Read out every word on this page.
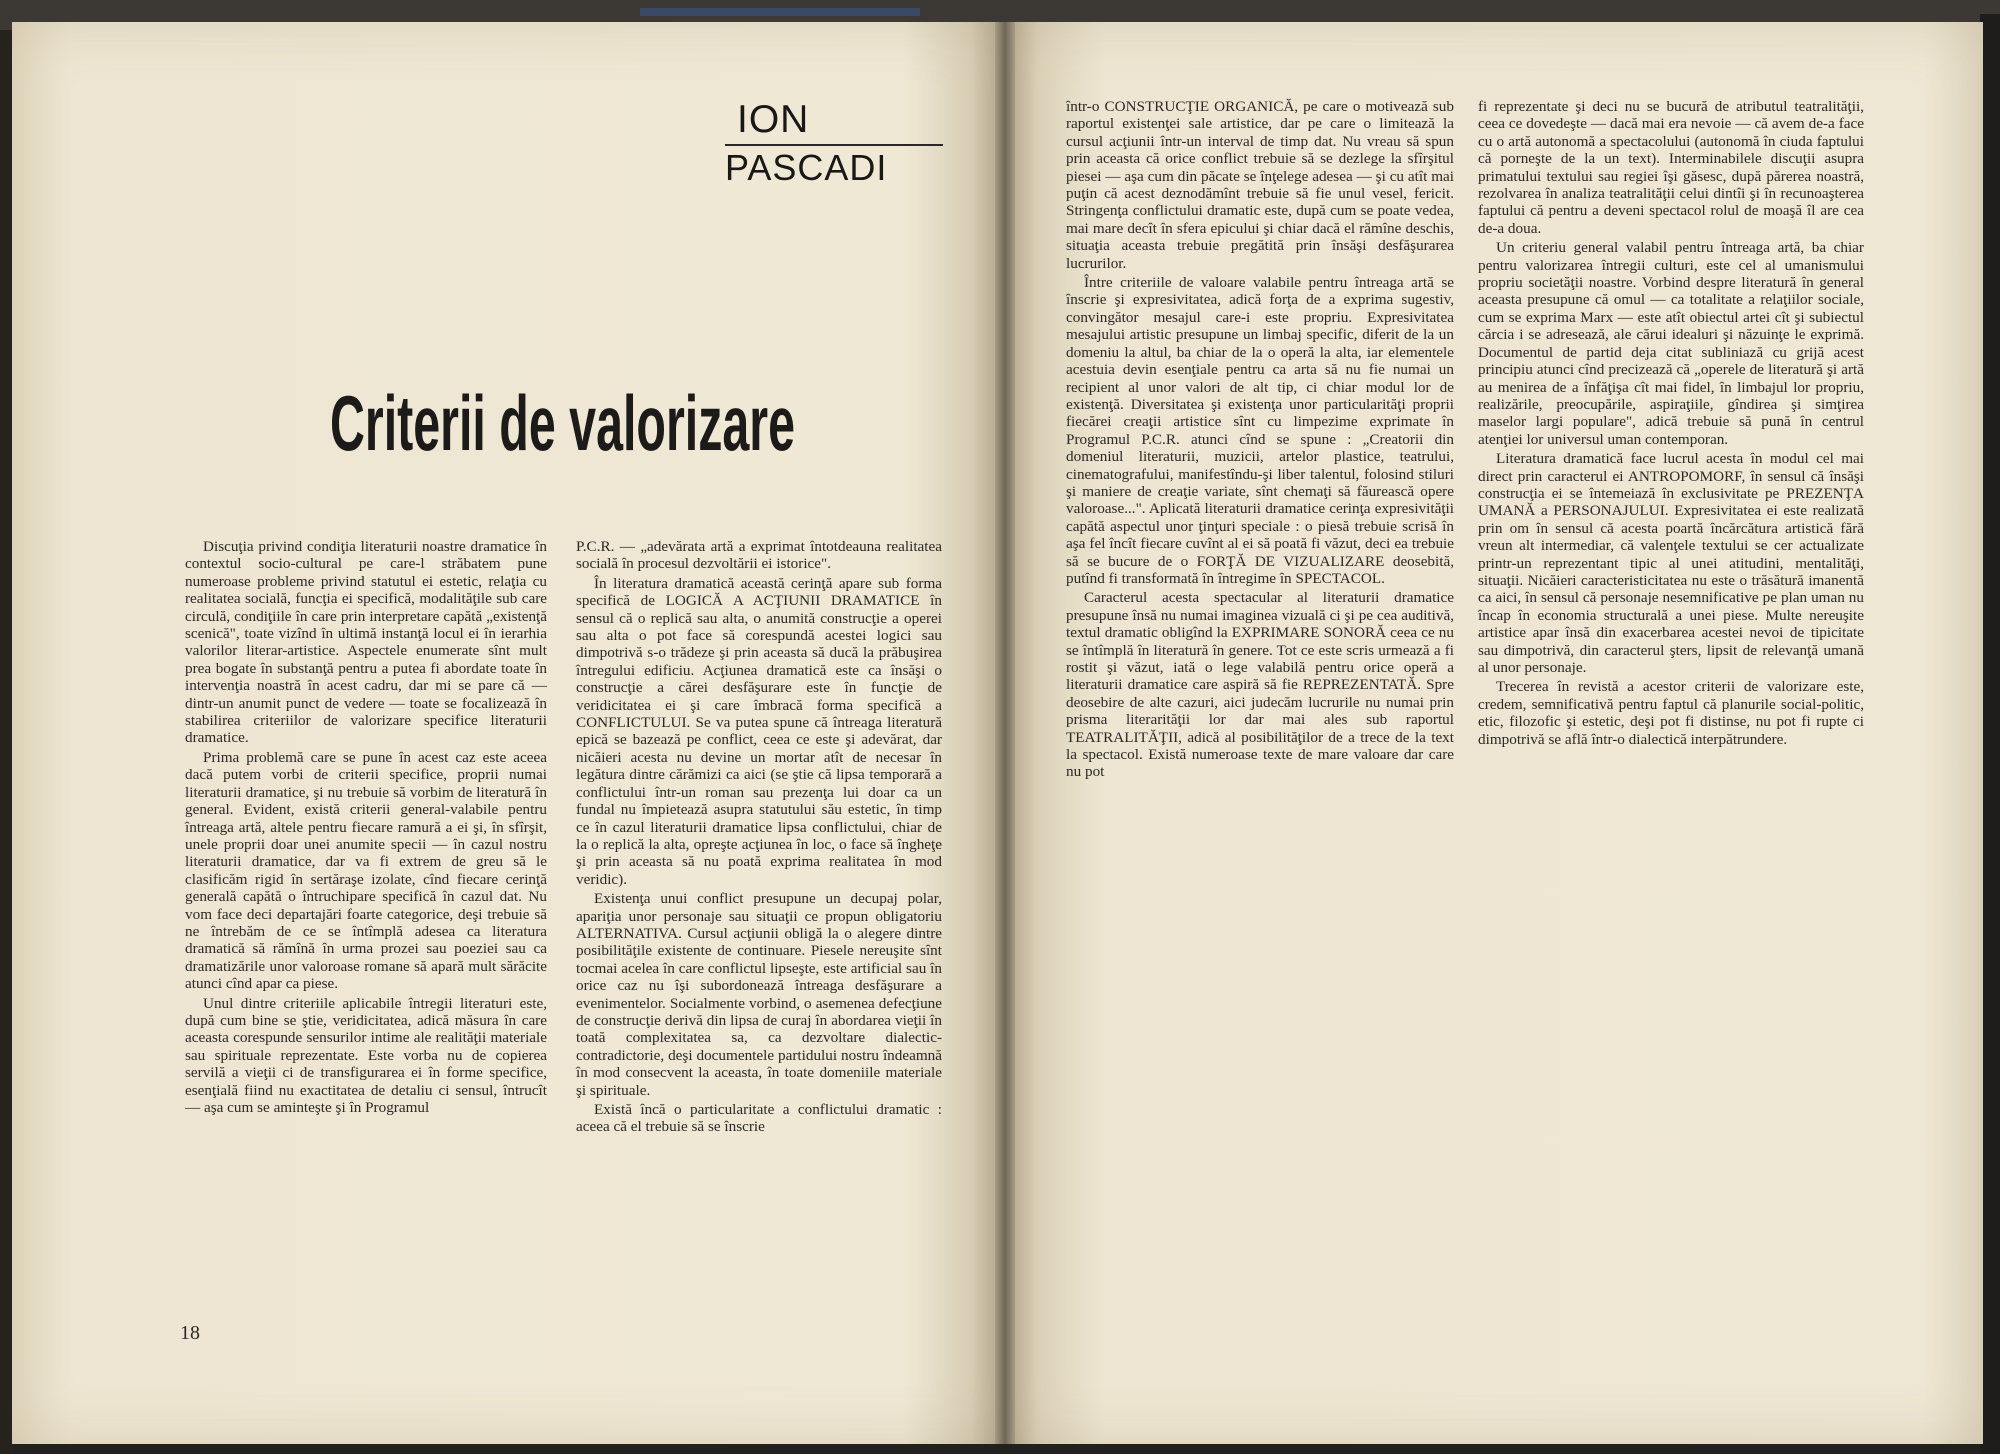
ION
PASCADI
Criterii de valorizare

Discuţia privind condiţia literaturii noastre dramatice în contextul socio-cultural pe care-l străbatem pune numeroase probleme privind statutul ei estetic, relaţia cu realitatea socială, funcţia ei specifică, modalităţile sub care circulă, condiţiile în care prin interpretare capătă „existenţă scenică", toate vizînd în ultimă instanţă locul ei în ierarhia valorilor literar-artistice. Aspectele enumerate sînt mult prea bogate în substanţă pentru a putea fi abordate toate în intervenţia noastră în acest cadru, dar mi se pare că — dintr-un anumit punct de vedere — toate se focalizează în stabilirea criteriilor de valorizare specifice literaturii dramatice.

Prima problemă care se pune în acest caz este aceea dacă putem vorbi de criterii specifice, proprii numai literaturii dramatice, şi nu trebuie să vorbim de literatură în general. Evident, există criterii general-valabile pentru întreaga artă, altele pentru fiecare ramură a ei şi, în sfîrşit, unele proprii doar unei anumite specii — în cazul nostru literaturii dramatice, dar va fi extrem de greu să le clasificăm rigid în sertăraşe izolate, cînd fiecare cerinţă generală capătă o întruchipare specifică în cazul dat. Nu vom face deci departajări foarte categorice, deşi trebuie să ne întrebăm de ce se întîmplă adesea ca literatura dramatică să rămînă în urma prozei sau poeziei sau ca dramatizările unor valoroase romane să apară mult sărăcite atunci cînd apar ca piese.

Unul dintre criteriile aplicabile întregii literaturi este, după cum bine se ştie, veridicitatea, adică măsura în care aceasta corespunde sensurilor intime ale realităţii materiale sau spirituale reprezentate. Este vorba nu de copierea servilă a vieţii ci de transfigurarea ei în forme specifice, esenţială fiind nu exactitatea de detaliu ci sensul, întrucît — aşa cum se aminteşte şi în Programul

P.C.R. — „adevărata artă a exprimat întotdeauna realitatea socială în procesul dezvoltării ei istorice".

În literatura dramatică această cerinţă apare sub forma specifică de LOGICĂ A ACŢIUNII DRAMATICE în sensul că o replică sau alta, o anumită construcţie a operei sau alta o pot face să corespundă acestei logici sau dimpotrivă s-o trădeze şi prin aceasta să ducă la prăbuşirea întregului edificiu. Acţiunea dramatică este ca însăşi o construcţie a cărei desfăşurare este în funcţie de veridicitatea ei şi care îmbracă forma specifică a CONFLICTULUI. Se va putea spune că întreaga literatură epică se bazează pe conflict, ceea ce este şi adevărat, dar nicăieri acesta nu devine un mortar atît de necesar în legătura dintre cărămizi ca aici (se ştie că lipsa temporară a conflictului într-un roman sau prezenţa lui doar ca un fundal nu împietează asupra statutului său estetic, în timp ce în cazul literaturii dramatice lipsa conflictului, chiar de la o replică la alta, opreşte acţiunea în loc, o face să îngheţe şi prin aceasta să nu poată exprima realitatea în mod veridic).

Existenţa unui conflict presupune un decupaj polar, apariţia unor personaje sau situaţii ce propun obligatoriu ALTERNATIVA. Cursul acţiunii obligă la o alegere dintre posibilităţile existente de continuare. Piesele nereuşite sînt tocmai acelea în care conflictul lipseşte, este artificial sau în orice caz nu îşi subordonează întreaga desfăşurare a evenimentelor. Socialmente vorbind, o asemenea defecţiune de construcţie derivă din lipsa de curaj în abordarea vieţii în toată complexitatea sa, ca dezvoltare dialectic-contradictorie, deşi documentele partidului nostru îndeamnă în mod consecvent la aceasta, în toate domeniile materiale şi spirituale.

Există încă o particularitate a conflictului dramatic : aceea că el trebuie să se înscrie

într-o CONSTRUCŢIE ORGANICĂ, pe care o motivează sub raportul existenţei sale artistice, dar pe care o limitează la cursul acţiunii într-un interval de timp dat. Nu vreau să spun prin aceasta că orice conflict trebuie să se dezlege la sfîrşitul piesei — aşa cum din păcate se înţelege adesea — şi cu atît mai puţin că acest deznodămînt trebuie să fie unul vesel, fericit. Stringenţa conflictului dramatic este, după cum se poate vedea, mai mare decît în sfera epicului şi chiar dacă el rămîne deschis, situaţia aceasta trebuie pregătită prin însăşi desfăşurarea lucrurilor.

Între criteriile de valoare valabile pentru întreaga artă se înscrie şi expresivitatea, adică forţa de a exprima sugestiv, convingător mesajul care-i este propriu. Expresivitatea mesajului artistic presupune un limbaj specific, diferit de la un domeniu la altul, ba chiar de la o operă la alta, iar elementele acestuia devin esenţiale pentru ca arta să nu fie numai un recipient al unor valori de alt tip, ci chiar modul lor de existenţă. Diversitatea şi existenţa unor particularităţi proprii fiecărei creaţii artistice sînt cu limpezime exprimate în Programul P.C.R. atunci cînd se spune : „Creatorii din domeniul literaturii, muzicii, artelor plastice, teatrului, cinematografului, manifestîndu-şi liber talentul, folosind stiluri şi maniere de creaţie variate, sînt chemaţi să făurească opere valoroase...". Aplicată literaturii dramatice cerinţa expresivităţii capătă aspectul unor ţinţuri speciale : o piesă trebuie scrisă în aşa fel încît fiecare cuvînt al ei să poată fi văzut, deci ea trebuie să se bucure de o FORŢĂ DE VIZUALIZARE deosebită, putînd fi transformată în întregime în SPECTACOL.

Caracterul acesta spectacular al literaturii dramatice presupune însă nu numai imaginea vizuală ci şi pe cea auditivă, textul dramatic obligînd la EXPRIMARE SONORĂ ceea ce nu se întîmplă în literatură în genere. Tot ce este scris urmează a fi rostit şi văzut, iată o lege valabilă pentru orice operă a literaturii dramatice care aspiră să fie REPREZENTATĂ. Spre deosebire de alte cazuri, aici judecăm lucrurile nu numai prin prisma literarităţii lor dar mai ales sub raportul TEATRALITĂŢII, adică al posibilităţilor de a trece de la text la spectacol. Există numeroase texte de mare valoare dar care nu pot

fi reprezentate şi deci nu se bucură de atributul teatralităţii, ceea ce dovedeşte — dacă mai era nevoie — că avem de-a face cu o artă autonomă a spectacolului (autonomă în ciuda faptului că porneşte de la un text). Interminabilele discuţii asupra primatului textului sau regiei îşi găsesc, după părerea noastră, rezolvarea în analiza teatralităţii celui dintîi şi în recunoaşterea faptului că pentru a deveni spectacol rolul de moaşă îl are cea de-a doua.

Un criteriu general valabil pentru întreaga artă, ba chiar pentru valorizarea întregii culturi, este cel al umanismului propriu societăţii noastre. Vorbind despre literatură în general aceasta presupune că omul — ca totalitate a relaţiilor sociale, cum se exprima Marx — este atît obiectul artei cît şi subiectul cărcia i se adresează, ale cărui idealuri şi năzuinţe le exprimă. Documentul de partid deja citat subliniază cu grijă acest principiu atunci cînd precizează că „operele de literatură şi artă au menirea de a înfăţişa cît mai fidel, în limbajul lor propriu, realizările, preocupările, aspiraţiile, gîndirea şi simţirea maselor largi populare", adică trebuie să pună în centrul atenţiei lor universul uman contemporan.

Literatura dramatică face lucrul acesta în modul cel mai direct prin caracterul ei ANTROPOMORF, în sensul că însăşi construcţia ei se întemeiază în exclusivitate pe PREZENŢA UMANĂ a PERSONAJULUI. Expresivitatea ei este realizată prin om în sensul că acesta poartă încărcătura artistică fără vreun alt intermediar, că valenţele textului se cer actualizate printr-un reprezentant tipic al unei atitudini, mentalităţi, situaţii. Nicăieri caracteristicitatea nu este o trăsătură imanentă ca aici, în sensul că personaje nesemnificative pe plan uman nu încap în economia structurală a unei piese. Multe nereuşite artistice apar însă din exacerbarea acestei nevoi de tipicitate sau dimpotrivă, din caracterul şters, lipsit de relevanţă umană al unor personaje.

Trecerea în revistă a acestor criterii de valorizare este, credem, semnificativă pentru faptul că planurile social-politic, etic, filozofic şi estetic, deşi pot fi distinse, nu pot fi rupte ci dimpotrivă se află într-o dialectică interpătrundere.

18
